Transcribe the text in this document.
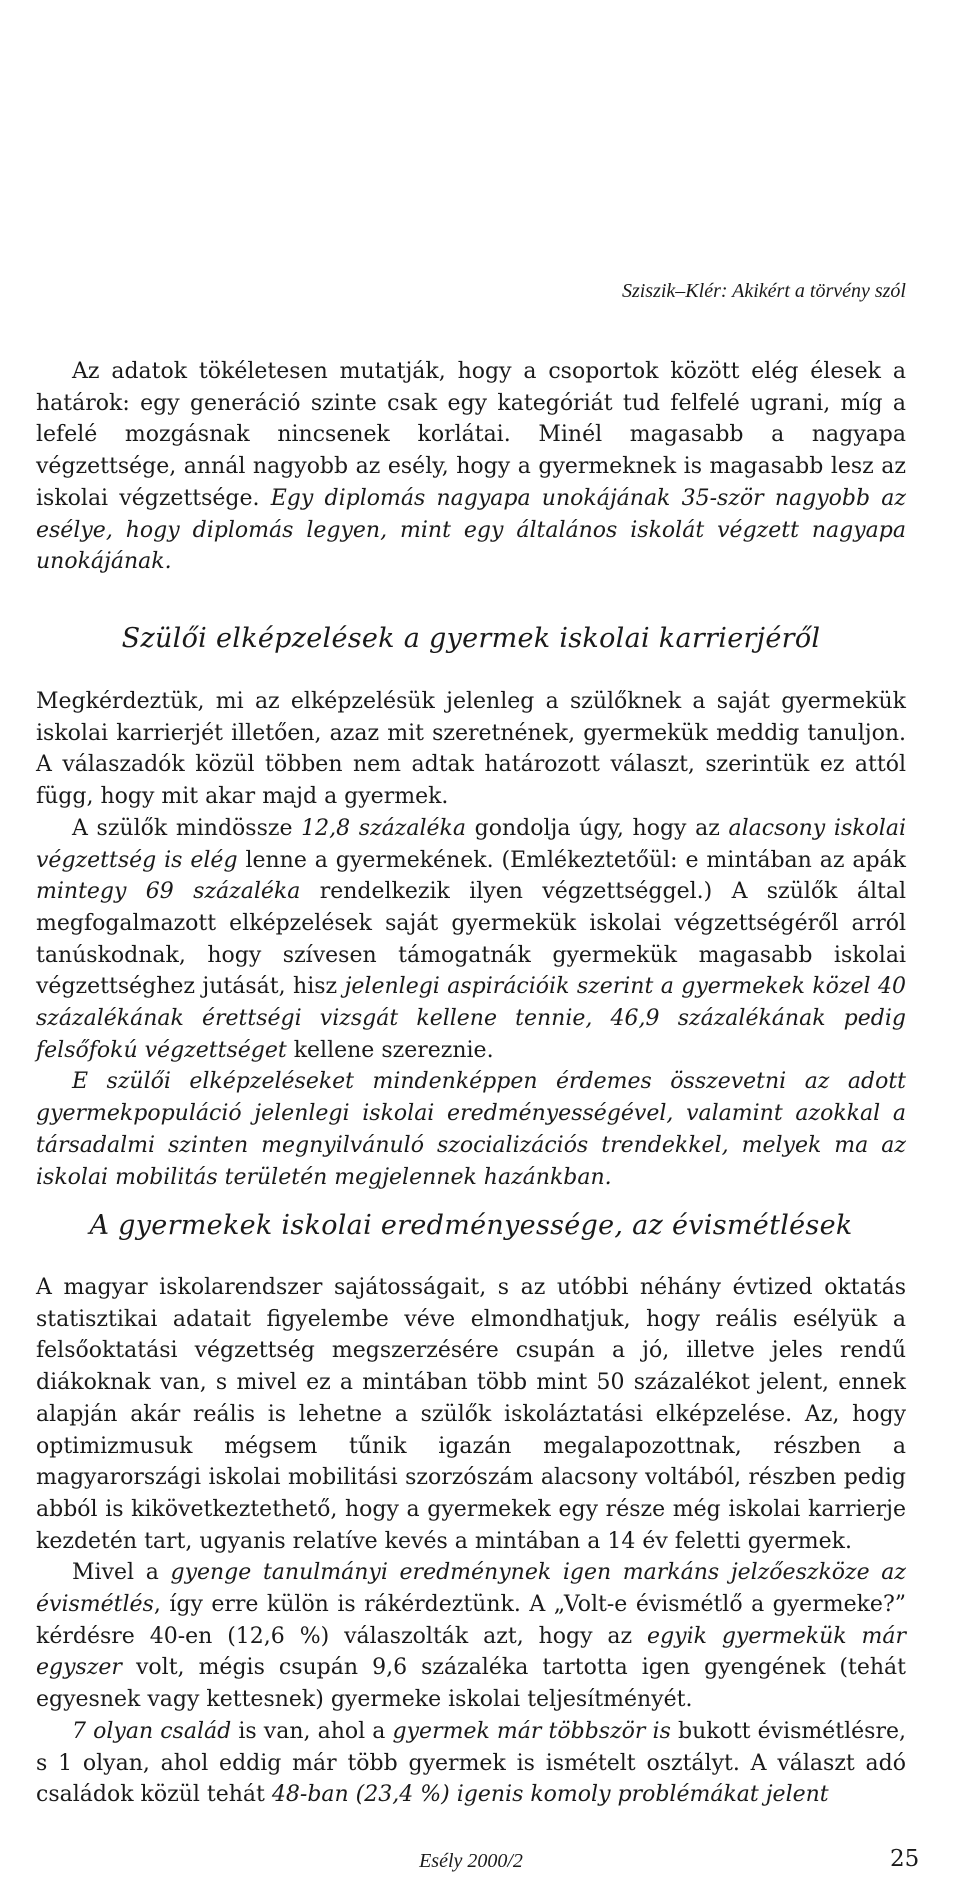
Sziszik–Klér: Akikért a törvény szól

Az adatok tökéletesen mutatják, hogy a csoportok között elég élesek a határok: egy generáció szinte csak egy kategóriát tud felfelé ugrani, míg a lefelé mozgásnak nincsenek korlátai. Minél magasabb a nagyapa végzettsége, annál nagyobb az esély, hogy a gyermeknek is magasabb lesz az iskolai végzettsége. Egy diplomás nagyapa unokájának 35-ször nagyobb az esélye, hogy diplomás legyen, mint egy általános iskolát végzett nagyapa unokájának.

Szülői elképzelések a gyermek iskolai karrierjéről

Megkérdeztük, mi az elképzelésük jelenleg a szülőknek a saját gyermekük iskolai karrierjét illetően, azaz mit szeretnének, gyermekük meddig tanuljon. A válaszadók közül többen nem adtak határozott választ, szerintük ez attól függ, hogy mit akar majd a gyermek.

A szülők mindössze 12,8 százaléka gondolja úgy, hogy az alacsony iskolai végzettség is elég lenne a gyermekének. (Emlékeztetőül: e mintában az apák mintegy 69 százaléka rendelkezik ilyen végzettséggel.) A szülők által megfogalmazott elképzelések saját gyermekük iskolai végzettségéről arról tanúskodnak, hogy szívesen támogatnák gyermekük magasabb iskolai végzettséghez jutását, hisz jelenlegi aspirációik szerint a gyermekek közel 40 százalékának érettségi vizsgát kellene tennie, 46,9 százalékának pedig felsőfokú végzettséget kellene szereznie.

E szülői elképzeléseket mindenképpen érdemes összevetni az adott gyermekpopuláció jelenlegi iskolai eredményességével, valamint azokkal a társadalmi szinten megnyilvánuló szocializációs trendekkel, melyek ma az iskolai mobilitás területén megjelennek hazánkban.

A gyermekek iskolai eredményessége, az évismétlések

A magyar iskolarendszer sajátosságait, s az utóbbi néhány évtized oktatás statisztikai adatait figyelembe véve elmondhatjuk, hogy reális esélyük a felsőoktatási végzettség megszerzésére csupán a jó, illetve jeles rendű diákoknak van, s mivel ez a mintában több mint 50 százalékot jelent, ennek alapján akár reális is lehetne a szülők iskoláztatási elképzelése. Az, hogy optimizmusuk mégsem tűnik igazán megalapozottnak, részben a magyarországi iskolai mobilitási szorzószám alacsony voltából, részben pedig abból is kikövetkeztethető, hogy a gyermekek egy része még iskolai karrierje kezdetén tart, ugyanis relatíve kevés a mintában a 14 év feletti gyermek.

Mivel a gyenge tanulmányi eredménynek igen markáns jelzőeszköze az évismétlés, így erre külön is rákérdeztünk. A „Volt-e évismétlő a gyermeke?” kérdésre 40-en (12,6 %) válaszolták azt, hogy az egyik gyermekük már egyszer volt, mégis csupán 9,6 százaléka tartotta igen gyengének (tehát egyesnek vagy kettesnek) gyermeke iskolai teljesítményét.

7 olyan család is van, ahol a gyermek már többször is bukott évismétlésre, s 1 olyan, ahol eddig már több gyermek is ismételt osztályt. A választ adó családok közül tehát 48-ban (23,4 %) igenis komoly problémákat jelent

Esély 2000/2	25
